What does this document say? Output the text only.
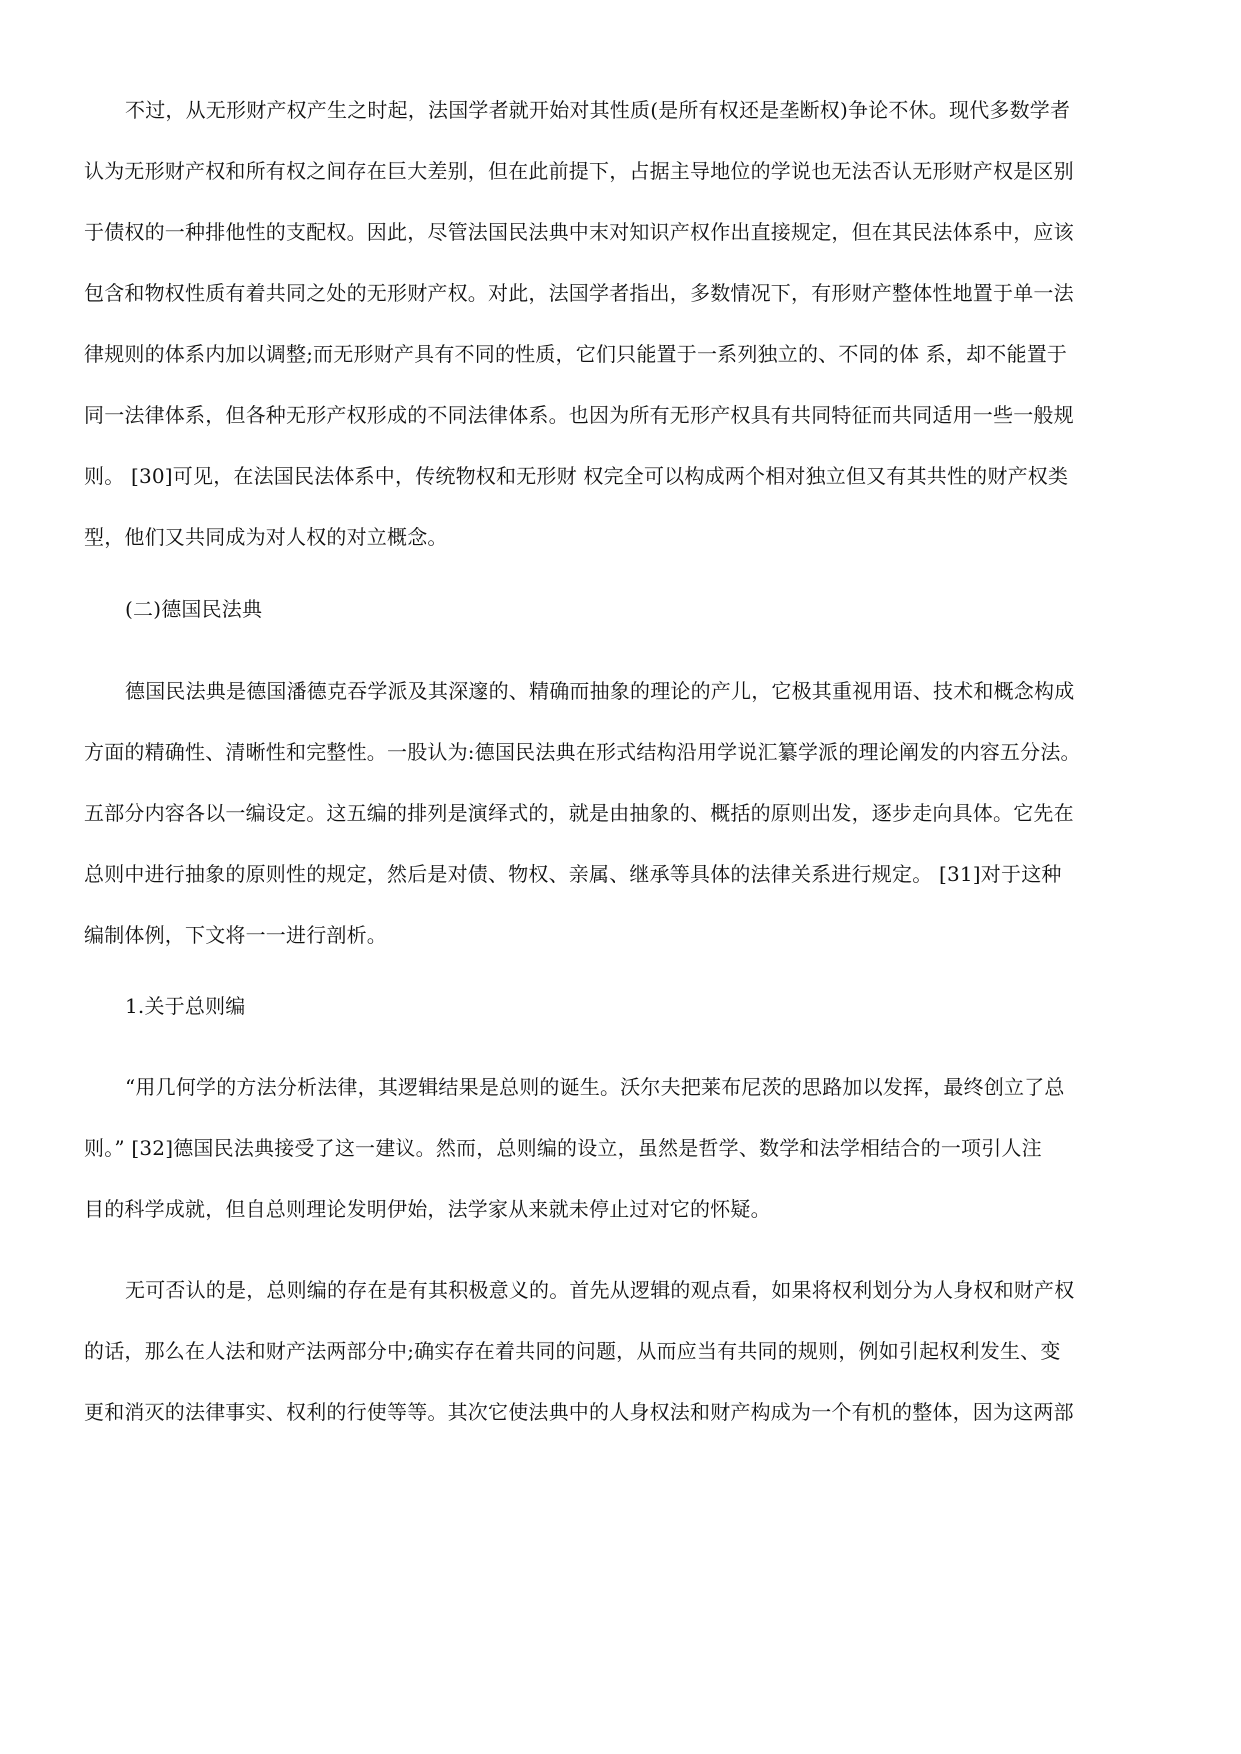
不过，从无形财产权产生之时起，法国学者就开始对其性质(是所有权还是垄断权)争论不休。现代多数学者
认为无形财产权和所有权之间存在巨大差别，但在此前提下，占据主导地位的学说也无法否认无形财产权是区别
于债权的一种排他性的支配权。因此，尽管法国民法典中末对知识产权作出直接规定，但在其民法体系中，应该
包含和物权性质有着共同之处的无形财产权。对此，法国学者指出，多数情况下，有形财产整体性地置于单一法
律规则的体系内加以调整;而无形财产具有不同的性质，它们只能置于一系列独立的、不同的体 系，却不能置于
同一法律体系，但各种无形产权形成的不同法律体系。也因为所有无形产权具有共同特征而共同适用一些一般规
则。 [30]可见，在法国民法体系中，传统物权和无形财 权完全可以构成两个相对独立但又有其共性的财产权类
型，他们又共同成为对人权的对立概念。
(二)德国民法典
德国民法典是德国潘德克吞学派及其深邃的、精确而抽象的理论的产儿，它极其重视用语、技术和概念构成
方面的精确性、清晰性和完整性。一股认为:德国民法典在形式结构沿用学说汇纂学派的理论阐发的内容五分法。
五部分内容各以一编设定。这五编的排列是演绎式的，就是由抽象的、概括的原则出发，逐步走向具体。它先在
总则中进行抽象的原则性的规定，然后是对债、物权、亲属、继承等具体的法律关系进行规定。 [31]对于这种
编制体例，下文将一一进行剖析。
1.关于总则编
“用几何学的方法分析法律，其逻辑结果是总则的诞生。沃尔夫把莱布尼茨的思路加以发挥，最终创立了总
则。” [32]德国民法典接受了这一建议。然而，总则编的设立，虽然是哲学、数学和法学相结合的一项引人注
目的科学成就，但自总则理论发明伊始，法学家从来就未停止过对它的怀疑。
无可否认的是，总则编的存在是有其积极意义的。首先从逻辑的观点看，如果将权利划分为人身权和财产权
的话，那么在人法和财产法两部分中;确实存在着共同的问题，从而应当有共同的规则，例如引起权利发生、变
更和消灭的法律事实、权利的行使等等。其次它使法典中的人身权法和财产构成为一个有机的整体，因为这两部
